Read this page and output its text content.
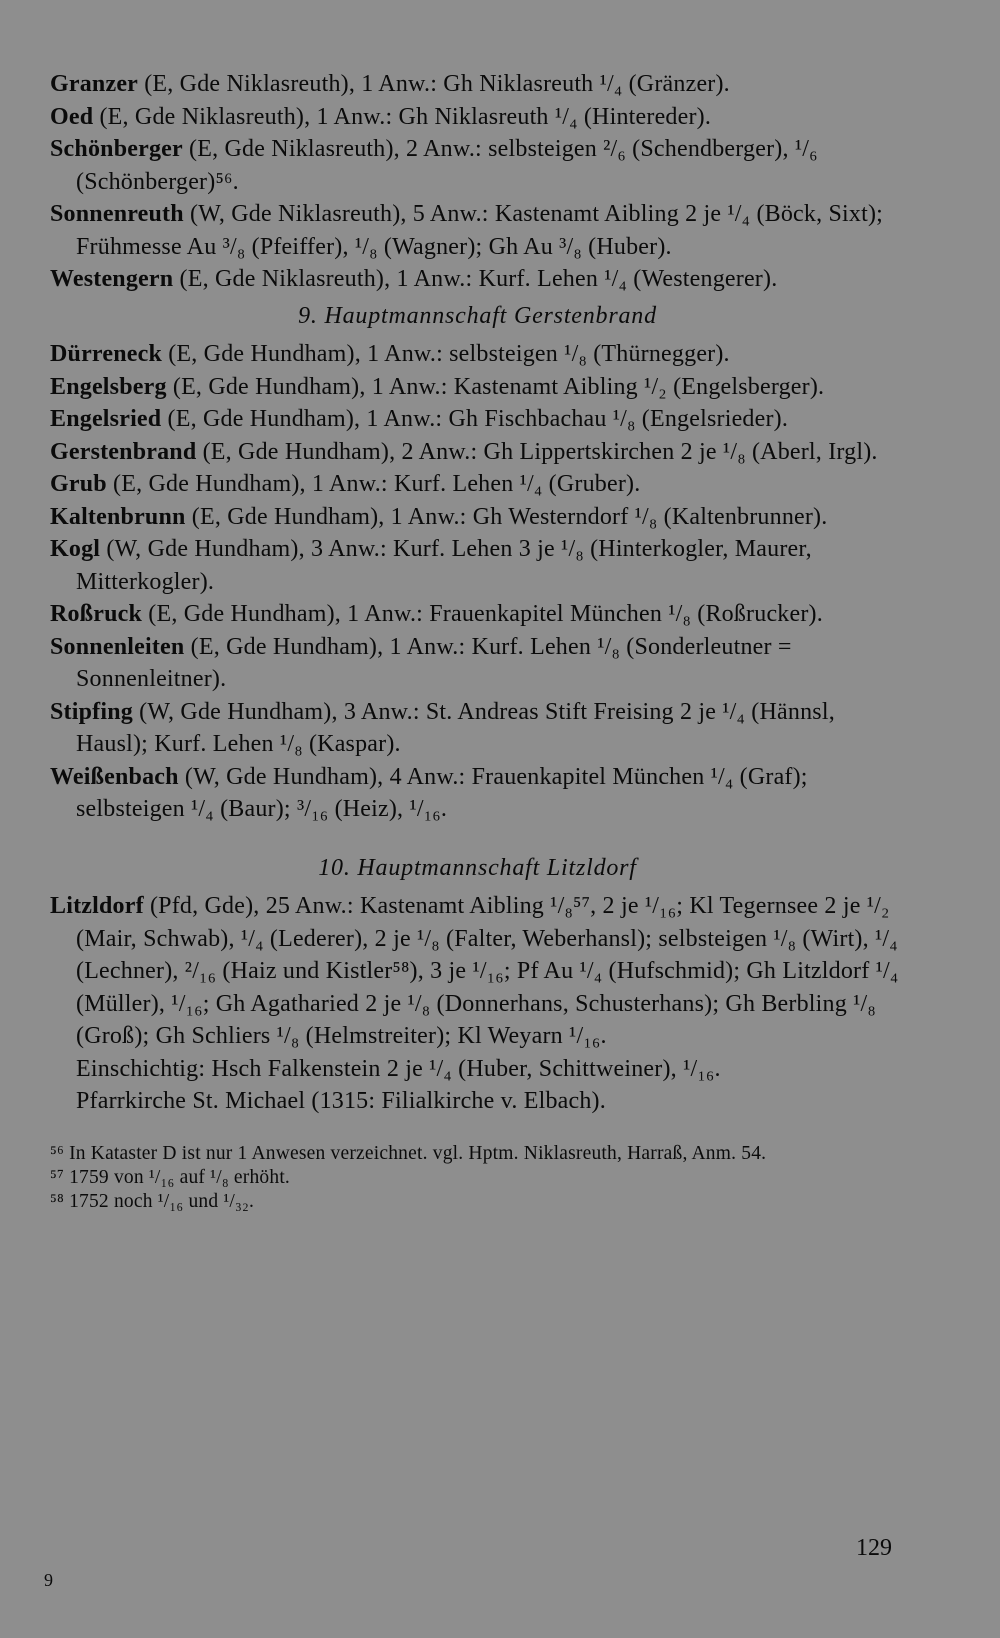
Granzer (E, Gde Niklasreuth), 1 Anw.: Gh Niklasreuth ¹/₄ (Gränzer).

Oed (E, Gde Niklasreuth), 1 Anw.: Gh Niklasreuth ¹/₄ (Hintereder).

Schönberger (E, Gde Niklasreuth), 2 Anw.: selbsteigen ²/₆ (Schendberger), ¹/₆ (Schönberger)⁵⁶.

Sonnenreuth (W, Gde Niklasreuth), 5 Anw.: Kastenamt Aibling 2 je ¹/₄ (Böck, Sixt); Frühmesse Au ³/₈ (Pfeiffer), ¹/₈ (Wagner); Gh Au ³/₈ (Huber).

Westengern (E, Gde Niklasreuth), 1 Anw.: Kurf. Lehen ¹/₄ (Westengerer).

9. Hauptmannschaft Gerstenbrand

Dürreneck (E, Gde Hundham), 1 Anw.: selbsteigen ¹/₈ (Thürnegger).

Engelsberg (E, Gde Hundham), 1 Anw.: Kastenamt Aibling ¹/₂ (Engelsberger).

Engelsried (E, Gde Hundham), 1 Anw.: Gh Fischbachau ¹/₈ (Engelsrieder).

Gerstenbrand (E, Gde Hundham), 2 Anw.: Gh Lippertskirchen 2 je ¹/₈ (Aberl, Irgl).

Grub (E, Gde Hundham), 1 Anw.: Kurf. Lehen ¹/₄ (Gruber).

Kaltenbrunn (E, Gde Hundham), 1 Anw.: Gh Westerndorf ¹/₈ (Kaltenbrunner).

Kogl (W, Gde Hundham), 3 Anw.: Kurf. Lehen 3 je ¹/₈ (Hinterkogler, Maurer, Mitterkogler).

Roßruck (E, Gde Hundham), 1 Anw.: Frauenkapitel München ¹/₈ (Roßrucker).

Sonnenleiten (E, Gde Hundham), 1 Anw.: Kurf. Lehen ¹/₈ (Sonderleutner = Sonnenleitner).

Stipfing (W, Gde Hundham), 3 Anw.: St. Andreas Stift Freising 2 je ¹/₄ (Hännsl, Hausl); Kurf. Lehen ¹/₈ (Kaspar).

Weißenbach (W, Gde Hundham), 4 Anw.: Frauenkapitel München ¹/₄ (Graf); selbsteigen ¹/₄ (Baur); ³/₁₆ (Heiz), ¹/₁₆.

10. Hauptmannschaft Litzldorf

Litzldorf (Pfd, Gde), 25 Anw.: Kastenamt Aibling ¹/₈⁵⁷, 2 je ¹/₁₆; Kl Tegernsee 2 je ¹/₂ (Mair, Schwab), ¹/₄ (Lederer), 2 je ¹/₈ (Falter, Weberhansl); selbsteigen ¹/₈ (Wirt), ¹/₄ (Lechner), ²/₁₆ (Haiz und Kistler⁵⁸), 3 je ¹/₁₆; Pf Au ¹/₄ (Hufschmid); Gh Litzldorf ¹/₄ (Müller), ¹/₁₆; Gh Agatharied 2 je ¹/₈ (Donnerhans, Schusterhans); Gh Berbling ¹/₈ (Groß); Gh Schliers ¹/₈ (Helmstreiter); Kl Weyarn ¹/₁₆.

Einschichtig: Hsch Falkenstein 2 je ¹/₄ (Huber, Schittweiner), ¹/₁₆.

Pfarrkirche St. Michael (1315: Filialkirche v. Elbach).

⁵⁶ In Kataster D ist nur 1 Anwesen verzeichnet. vgl. Hptm. Niklasreuth, Harraß, Anm. 54.
⁵⁷ 1759 von ¹/₁₆ auf ¹/₈ erhöht.
⁵⁸ 1752 noch ¹/₁₆ und ¹/₃₂.
129
9
